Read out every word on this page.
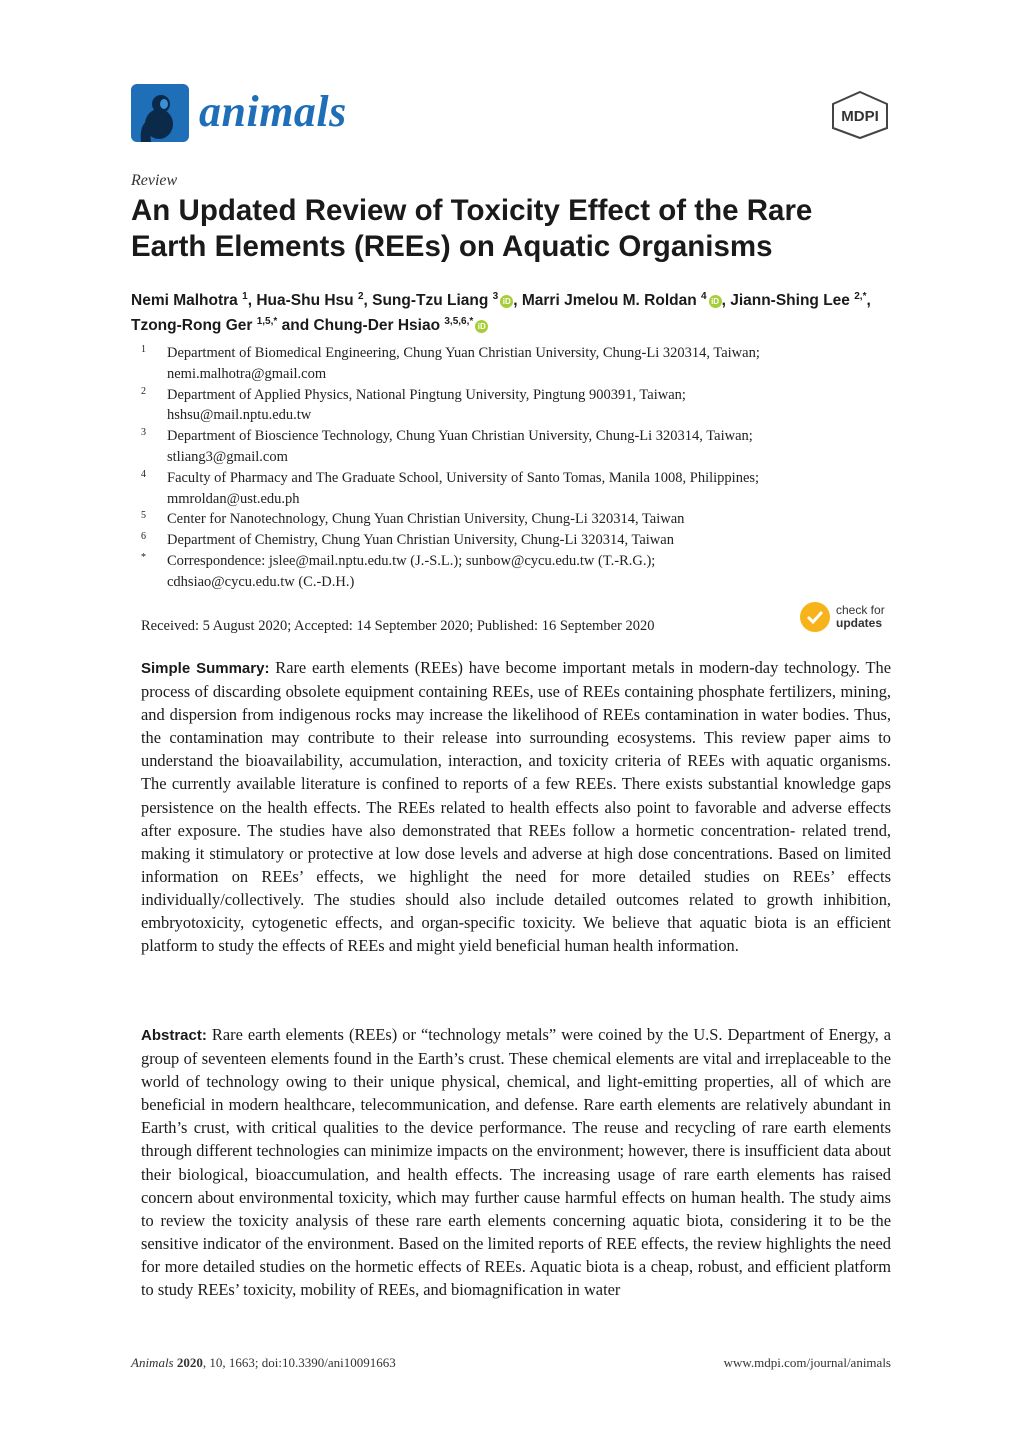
animals	MDPI
Review
An Updated Review of Toxicity Effect of the Rare Earth Elements (REEs) on Aquatic Organisms
Nemi Malhotra $^1$, Hua-Shu Hsu $^2$, Sung-Tzu Liang $^3$ iD , Marri Jmelou M. Roldan $^4$ iD , Jiann-Shing Lee $^{2,*}$, Tzong-Rong Ger $^{1,5,*}$ and Chung-Der Hsiao $^{3,5,6,*}$ iD
1	Department of Biomedical Engineering, Chung Yuan Christian University, Chung-Li 320314, Taiwan;
nemi.malhotra@gmail.com
2	Department of Applied Physics, National Pingtung University, Pingtung 900391, Taiwan;
hshsu@mail.nptu.edu.tw
3	Department of Bioscience Technology, Chung Yuan Christian University, Chung-Li 320314, Taiwan;
stliang3@gmail.com
4	Faculty of Pharmacy and The Graduate School, University of Santo Tomas, Manila 1008, Philippines;
mmroldan@ust.edu.ph
5	Center for Nanotechnology, Chung Yuan Christian University, Chung-Li 320314, Taiwan
6	Department of Chemistry, Chung Yuan Christian University, Chung-Li 320314, Taiwan
*	Correspondence: jslee@mail.nptu.edu.tw (J.-S.L.); sunbow@cycu.edu.tw (T.-R.G.);
cdhsiao@cycu.edu.tw (C.-D.H.)
Received: 5 August 2020; Accepted: 14 September 2020; Published: 16 September 2020
check for
updates

Simple Summary: Rare earth elements (REEs) have become important metals in modern-day technology. The process of discarding obsolete equipment containing REEs, use of REEs containing phosphate fertilizers, mining, and dispersion from indigenous rocks may increase the likelihood of REEs contamination in water bodies. Thus, the contamination may contribute to their release into surrounding ecosystems. This review paper aims to understand the bioavailability, accumulation, interaction, and toxicity criteria of REEs with aquatic organisms. The currently available literature is confined to reports of a few REEs. There exists substantial knowledge gaps persistence on the health effects. The REEs related to health effects also point to favorable and adverse effects after exposure. The studies have also demonstrated that REEs follow a hormetic concentration- related trend, making it stimulatory or protective at low dose levels and adverse at high dose concentrations. Based on limited information on REEs’ effects, we highlight the need for more detailed studies on REEs’ effects individually/collectively. The studies should also include detailed outcomes related to growth inhibition, embryotoxicity, cytogenetic effects, and organ-specific toxicity. We believe that aquatic biota is an efficient platform to study the effects of REEs and might yield beneficial human health information.

Abstract: Rare earth elements (REEs) or “technology metals” were coined by the U.S. Department of Energy, a group of seventeen elements found in the Earth’s crust. These chemical elements are vital and irreplaceable to the world of technology owing to their unique physical, chemical, and light-emitting properties, all of which are beneficial in modern healthcare, telecommunication, and defense. Rare earth elements are relatively abundant in Earth’s crust, with critical qualities to the device performance. The reuse and recycling of rare earth elements through different technologies can minimize impacts on the environment; however, there is insufficient data about their biological, bioaccumulation, and health effects. The increasing usage of rare earth elements has raised concern about environmental toxicity, which may further cause harmful effects on human health. The study aims to review the toxicity analysis of these rare earth elements concerning aquatic biota, considering it to be the sensitive indicator of the environment. Based on the limited reports of REE effects, the review highlights the need for more detailed studies on the hormetic effects of REEs. Aquatic biota is a cheap, robust, and efficient platform to study REEs’ toxicity, mobility of REEs, and biomagnification in water

Animals 2020, 10, 1663; doi:10.3390/ani10091663	www.mdpi.com/journal/animals
